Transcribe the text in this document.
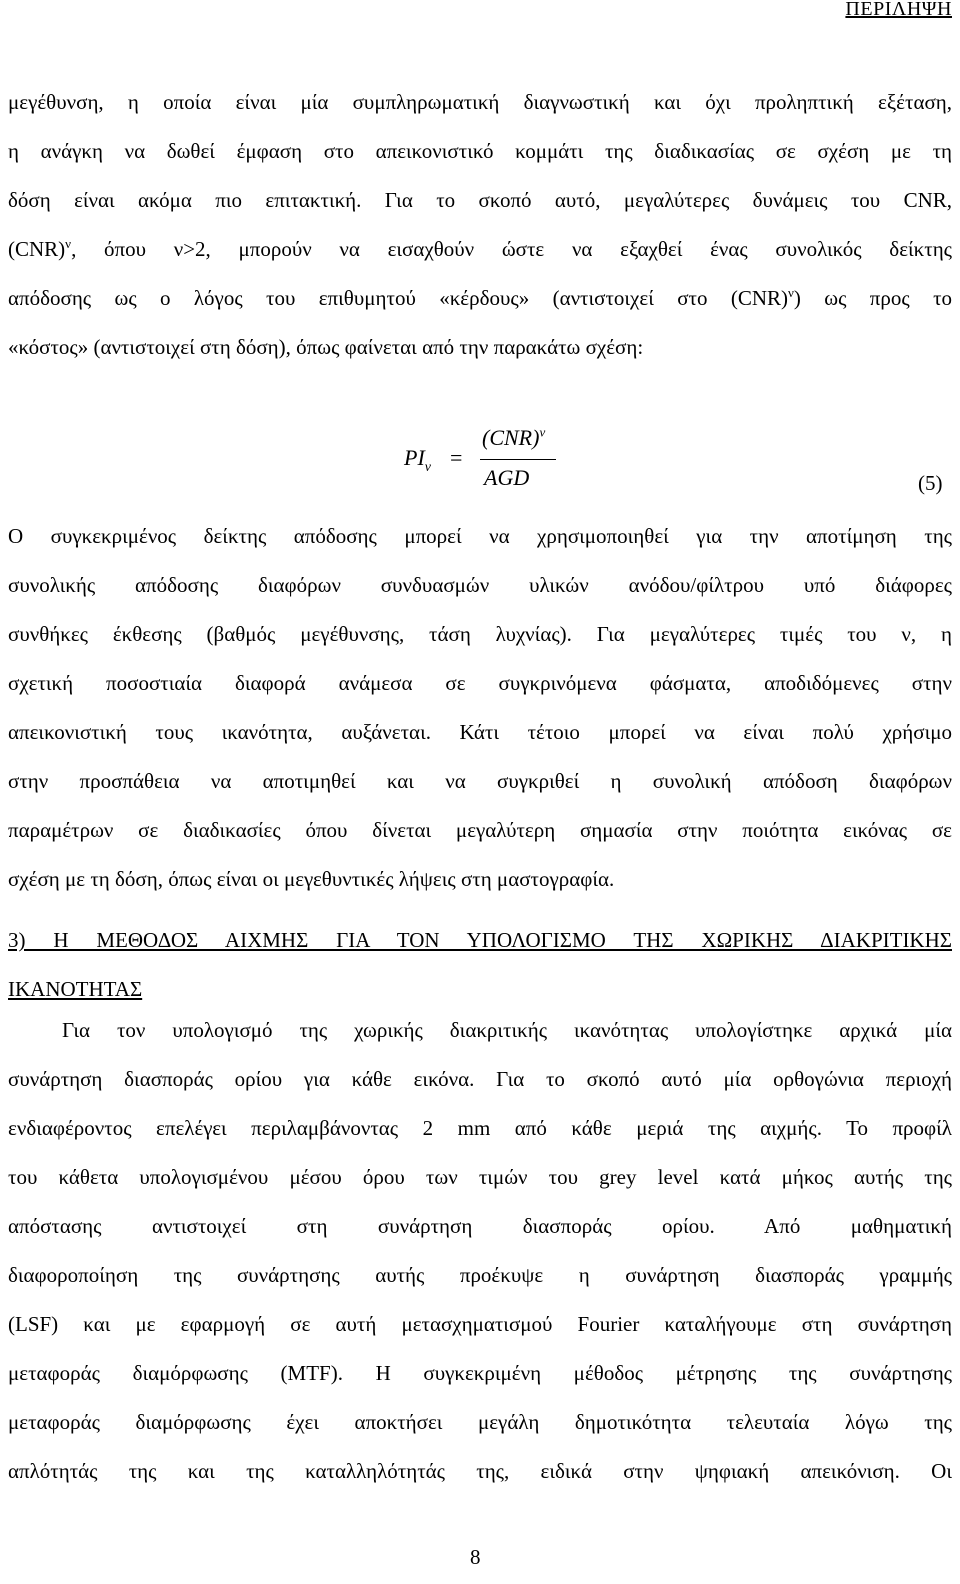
ΠΕΡΙΛΗΨΗ
μεγέθυνση, η οποία είναι μία συμπληρωματική διαγνωστική και όχι προληπτική εξέταση,
η ανάγκη να δωθεί έμφαση στο απεικονιστικό κομμάτι της διαδικασίας σε σχέση με τη
δόση είναι ακόμα πιο επιτακτική. Για το σκοπό αυτό, μεγαλύτερες δυνάμεις του CNR,
(CNR)$^\nu$, όπου ν>2, μπορούν να εισαχθούν ώστε να εξαχθεί ένας συνολικός δείκτης
απόδοσης ως ο λόγος του επιθυμητού «κέρδους» (αντιστοιχεί στο (CNR)$^\nu$) ως προς το
«κόστος» (αντιστοιχεί στη δόση), όπως φαίνεται από την παρακάτω σχέση:
$PI_\nu$ =
(CNR)$^\nu$
AGD	(5)
Ο συγκεκριμένος δείκτης απόδοσης μπορεί να χρησιμοποιηθεί για την αποτίμηση της
συνολικής απόδοσης διαφόρων συνδυασμών υλικών ανόδου/φίλτρου υπό διάφορες
συνθήκες έκθεσης (βαθμός μεγέθυνσης, τάση λυχνίας). Για μεγαλύτερες τιμές του ν, η
σχετική ποσοστιαία διαφορά ανάμεσα σε συγκρινόμενα φάσματα, αποδιδόμενες στην
απεικονιστική τους ικανότητα, αυξάνεται. Κάτι τέτοιο μπορεί να είναι πολύ χρήσιμο
στην προσπάθεια να αποτιμηθεί και να συγκριθεί η συνολική απόδοση διαφόρων
παραμέτρων σε διαδικασίες όπου δίνεται μεγαλύτερη σημασία στην ποιότητα εικόνας σε
σχέση με τη δόση, όπως είναι οι μεγεθυντικές λήψεις στη μαστογραφία.
3) Η ΜΕΘΟΔΟΣ ΑΙΧΜΗΣ ΓΙΑ ΤΟΝ ΥΠΟΛΟΓΙΣΜΟ ΤΗΣ ΧΩΡΙΚΗΣ ΔΙΑΚΡΙΤΙΚΗΣ
ΙΚΑΝΟΤΗΤΑΣ
Για τον υπολογισμό της χωρικής διακριτικής ικανότητας υπολογίστηκε αρχικά μία
συνάρτηση διασποράς ορίου για κάθε εικόνα. Για το σκοπό αυτό μία ορθογώνια περιοχή
ενδιαφέροντος επελέγει περιλαμβάνοντας 2 mm από κάθε μεριά της αιχμής. Το προφίλ
του κάθετα υπολογισμένου μέσου όρου των τιμών του grey level κατά μήκος αυτής της
απόστασης αντιστοιχεί στη συνάρτηση διασποράς ορίου. Από μαθηματική
διαφοροποίηση της συνάρτησης αυτής προέκυψε η συνάρτηση διασποράς γραμμής
(LSF) και με εφαρμογή σε αυτή μετασχηματισμού Fourier καταλήγουμε στη συνάρτηση
μεταφοράς διαμόρφωσης (MTF). Η συγκεκριμένη μέθοδος μέτρησης της συνάρτησης
μεταφοράς διαμόρφωσης έχει αποκτήσει μεγάλη δημοτικότητα τελευταία λόγω της
απλότητάς της και της καταλληλότητάς της, ειδικά στην ψηφιακή απεικόνιση. Οι
8
